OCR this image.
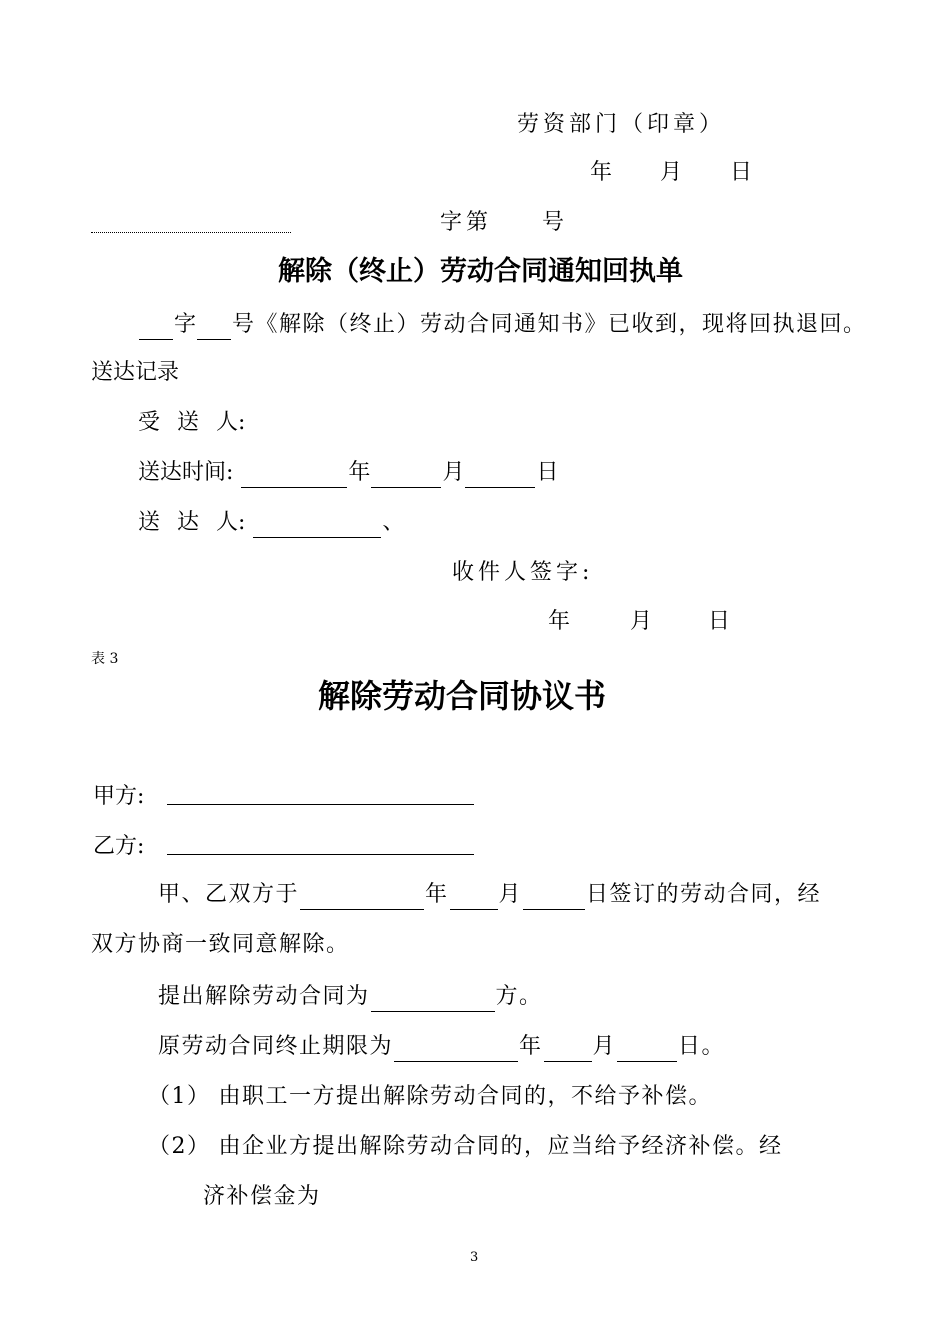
劳资部门（印章）
年 月 日
字第 号
解除（终止）劳动合同通知回执单
字 号《解除（终止）劳动合同通知书》已收到，现将回执退回。
送达记录
受 送 人:
送达时间:	年	月	日
送 达 人:	、
收件人签字:
年	月	日
表 3
解除劳动合同协议书
甲方:
乙方:
甲、乙双方于	年 月	日签订的劳动合同，经
双方协商一致同意解除。
提出解除劳动合同为	方。
原劳动合同终止期限为	年 月	日。
（1） 由职工一方提出解除劳动合同的，不给予补偿。
（2） 由企业方提出解除劳动合同的，应当给予经济补偿。经
济补偿金为
3
